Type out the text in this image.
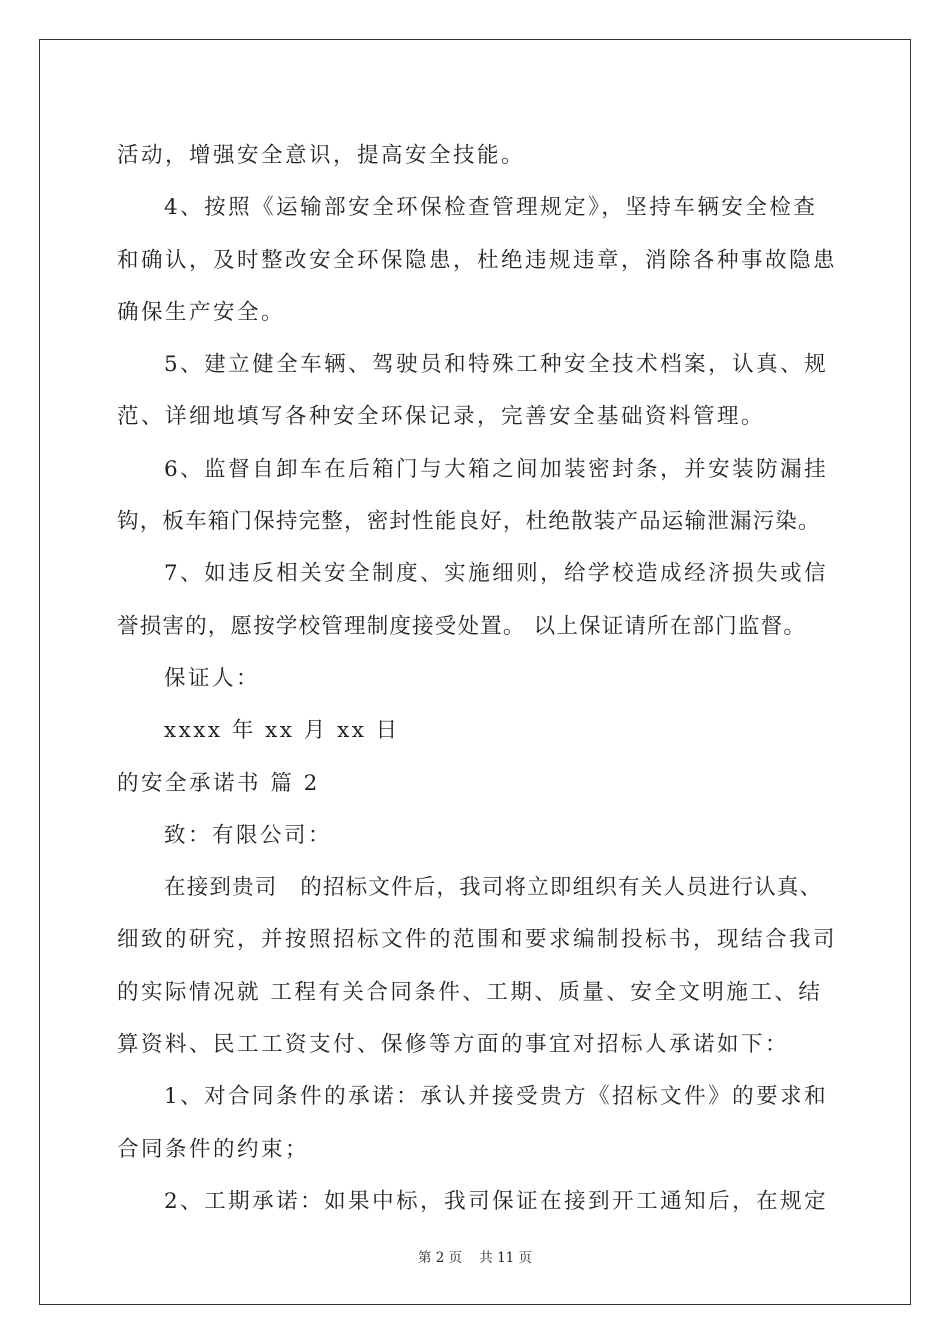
活动，增强安全意识，提高安全技能。
4、按照《运输部安全环保检查管理规定》，坚持车辆安全检查
和确认，及时整改安全环保隐患，杜绝违规违章，消除各种事故隐患
确保生产安全。
5、建立健全车辆、驾驶员和特殊工种安全技术档案，认真、规
范、详细地填写各种安全环保记录，完善安全基础资料管理。
6、监督自卸车在后箱门与大箱之间加装密封条，并安装防漏挂
钩，板车箱门保持完整，密封性能良好，杜绝散装产品运输泄漏污染。
7、如违反相关安全制度、实施细则，给学校造成经济损失或信
誉损害的，愿按学校管理制度接受处置。 以上保证请所在部门监督。
保证人：
xxxx 年 xx 月 xx 日
的安全承诺书 篇 2
致：有限公司：
在接到贵司　的招标文件后，我司将立即组织有关人员进行认真、
细致的研究，并按照招标文件的范围和要求编制投标书，现结合我司
的实际情况就 工程有关合同条件、工期、质量、安全文明施工、结
算资料、民工工资支付、保修等方面的事宜对招标人承诺如下：
1、对合同条件的承诺：承认并接受贵方《招标文件》的要求和
合同条件的约束；
2、工期承诺：如果中标，我司保证在接到开工通知后，在规定
第 2 页    共 11 页
